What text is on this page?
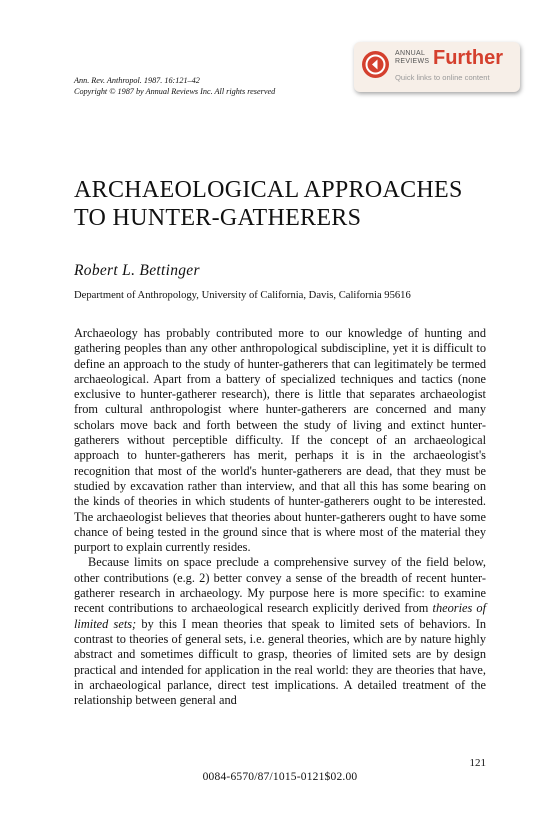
Ann. Rev. Anthropol. 1987. 16:121–42
Copyright © 1987 by Annual Reviews Inc. All rights reserved
ANNUAL
REVIEWS Further
Quick links to online content
ARCHAEOLOGICAL APPROACHES
TO HUNTER-GATHERERS
Robert L. Bettinger
Department of Anthropology, University of California, Davis, California 95616

Archaeology has probably contributed more to our knowledge of hunting and gathering peoples than any other anthropological subdiscipline, yet it is difficult to define an approach to the study of hunter-gatherers that can legitimately be termed archaeological. Apart from a battery of specialized techniques and tactics (none exclusive to hunter-gatherer research), there is little that separates archaeologist from cultural anthropologist where hunter-gatherers are concerned and many scholars move back and forth between the study of living and extinct hunter-gatherers without perceptible difficulty. If the concept of an archaeological approach to hunter-gatherers has merit, perhaps it is in the archaeologist's recognition that most of the world's hunter-gatherers are dead, that they must be studied by excavation rather than interview, and that all this has some bearing on the kinds of theories in which students of hunter-gatherers ought to be interested. The archaeologist believes that theories about hunter-gatherers ought to have some chance of being tested in the ground since that is where most of the material they purport to explain currently resides.

Because limits on space preclude a comprehensive survey of the field below, other contributions (e.g. 2) better convey a sense of the breadth of recent hunter-gatherer research in archaeology. My purpose here is more specific: to examine recent contributions to archaeological research explicitly derived from theories of limited sets; by this I mean theories that speak to limited sets of behaviors. In contrast to theories of general sets, i.e. general theories, which are by nature highly abstract and sometimes difficult to grasp, theories of limited sets are by design practical and intended for application in the real world: they are theories that have, in archaeological parlance, direct test implications. A detailed treatment of the relationship between general and

121
0084-6570/87/1015-0121$02.00
